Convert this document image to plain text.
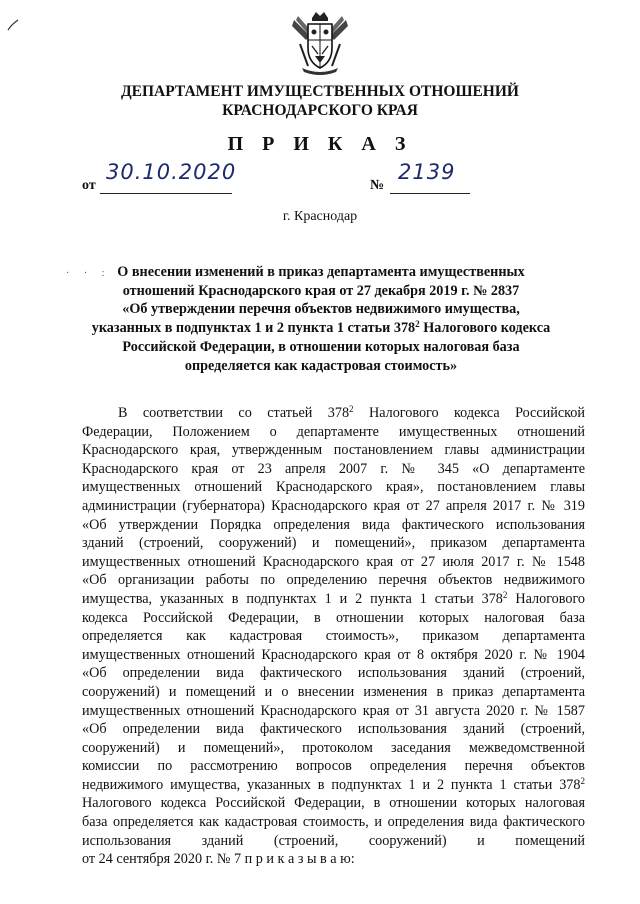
ДЕПАРТАМЕНТ ИМУЩЕСТВЕННЫХ ОТНОШЕНИЙ
КРАСНОДАРСКОГО КРАЯ
П Р И К А З
от
30.10.2020
№
2139
г. Краснодар
· · : О внесении изменений в приказ департамента имущественных
отношений Краснодарского края от 27 декабря 2019 г. № 2837
«Об утверждении перечня объектов недвижимого имущества,
указанных в подпунктах 1 и 2 пункта 1 статьи $378^2$ Налогового кодекса
Российской Федерации, в отношении которых налоговая база
определяется как кадастровая стоимость»
В соответствии со статьей $378^2$ Налогового кодекса Российской
Федерации, Положением о департаменте имущественных отношений
Краснодарского края, утвержденным постановлением главы администрации
Краснодарского края от 23 апреля 2007 г. № 345 «О департаменте
имущественных отношений Краснодарского края», постановлением главы
администрации (губернатора) Краснодарского края от 27 апреля 2017 г. № 319
«Об утверждении Порядка определения вида фактического использования
зданий (строений, сооружений) и помещений», приказом департамента
имущественных отношений Краснодарского края от 27 июля 2017 г. № 1548
«Об организации работы по определению перечня объектов недвижимого
имущества, указанных в подпунктах 1 и 2 пункта 1 статьи $378^2$ Налогового
кодекса Российской Федерации, в отношении которых налоговая база
определяется как кадастровая стоимость», приказом департамента
имущественных отношений Краснодарского края от 8 октября 2020 г. № 1904
«Об определении вида фактического использования зданий (строений,
сооружений) и помещений и о внесении изменения в приказ департамента
имущественных отношений Краснодарского края от 31 августа 2020 г. № 1587
«Об определении вида фактического использования зданий (строений,
сооружений) и помещений», протоколом заседания межведомственной
комиссии по рассмотрению вопросов определения перечня объектов
недвижимого имущества, указанных в подпунктах 1 и 2 пункта 1 статьи $378^2$
Налогового кодекса Российской Федерации, в отношении которых налоговая
база определяется как кадастровая стоимость, и определения вида фактического
использования зданий (строений, сооружений) и помещений
от 24 сентября 2020 г. № 7 п р и к а з ы в а ю:
